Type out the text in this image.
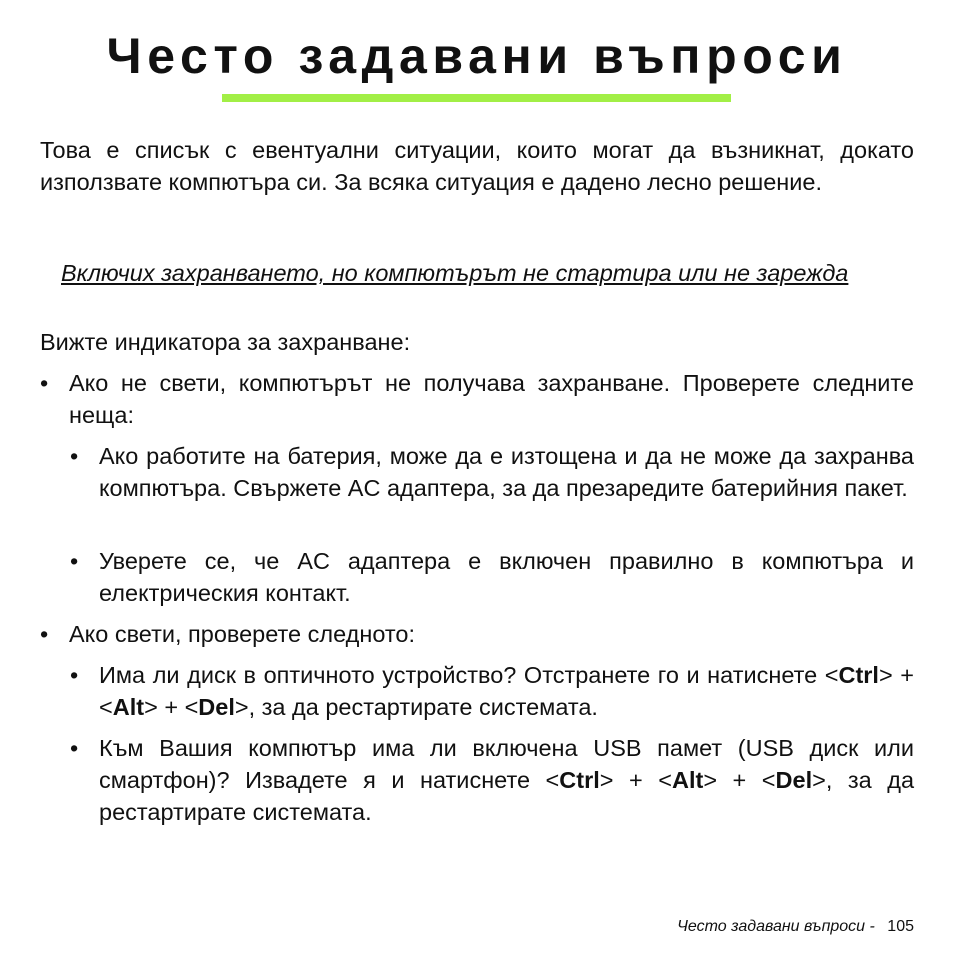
Често задавани въпроси

Това е списък с евентуални ситуации, които могат да възникнат, докато използвате компютъра си. За всяка ситуация е дадено лесно решение.

Включих захранването, но компютърът не стартира или не зарежда

Вижте индикатора за захранване:

• Ако не свети, компютърът не получава захранване. Проверете следните неща:

• Ако работите на батерия, може да е изтощена и да не може да захранва компютъра. Свържете AC адаптера, за да презаредите батерийния пакет.

• Уверете се, че AC адаптера е включен правилно в компютъра и електрическия контакт.

• Ако свети, проверете следното:

• Има ли диск в оптичното устройство? Отстранете го и натиснете <Ctrl> + <Alt> + <Del>, за да рестартирате системата.

• Към Вашия компютър има ли включена USB памет (USB диск или смартфон)? Извадете я и натиснете <Ctrl> + <Alt> + <Del>, за да рестартирате системата.

Често задавани въпроси - 105
